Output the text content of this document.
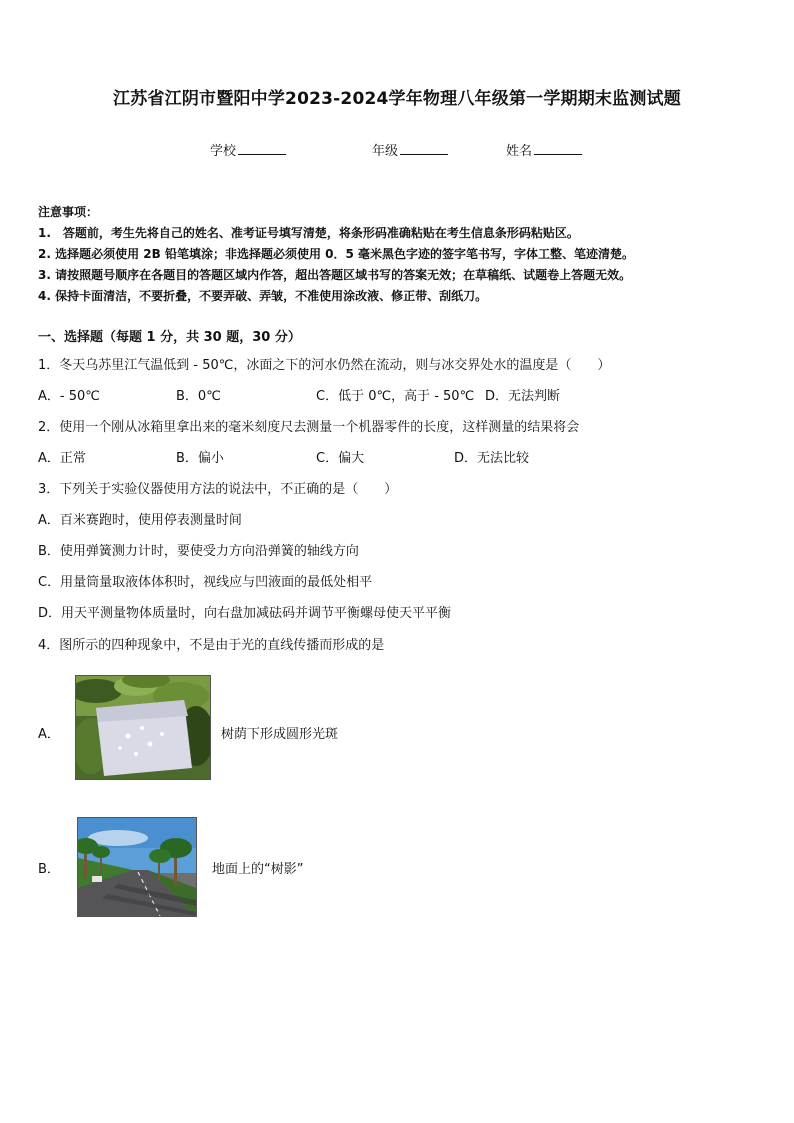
江苏省江阴市暨阳中学2023-2024学年物理八年级第一学期期末监测试题
学校	年级	姓名
注意事项：
1.　答题前，考生先将自己的姓名、准考证号填写清楚，将条形码准确粘贴在考生信息条形码粘贴区。
2. 选择题必须使用 2B 铅笔填涂；非选择题必须使用 0．5 毫米黑色字迹的签字笔书写，字体工整、笔迹清楚。
3. 请按照题号顺序在各题目的答题区域内作答，超出答题区域书写的答案无效；在草稿纸、试题卷上答题无效。
4. 保持卡面清洁，不要折叠，不要弄破、弄皱，不准使用涂改液、修正带、刮纸刀。
一、选择题（每题 1 分，共 30 题，30 分）
1．冬天乌苏里江气温低到 - 50℃，冰面之下的河水仍然在流动，则与冰交界处水的温度是（　　）
A．- 50℃	B．0℃	C．低于 0℃，高于 - 50℃ D．无法判断
2．使用一个刚从冰箱里拿出来的毫米刻度尺去测量一个机器零件的长度，这样测量的结果将会
A．正常	B．偏小	C．偏大	D．无法比较
3．下列关于实验仪器使用方法的说法中，不正确的是（　　）
A．百米赛跑时，使用停表测量时间
B．使用弹簧测力计时，要使受力方向沿弹簧的轴线方向
C．用量筒量取液体体积时，视线应与凹液面的最低处相平
D．用天平测量物体质量时，向右盘加减砝码并调节平衡螺母使天平平衡
4．图所示的四种现象中，不是由于光的直线传播而形成的是
A．	树荫下形成圆形光斑
B．	地面上的“树影”
